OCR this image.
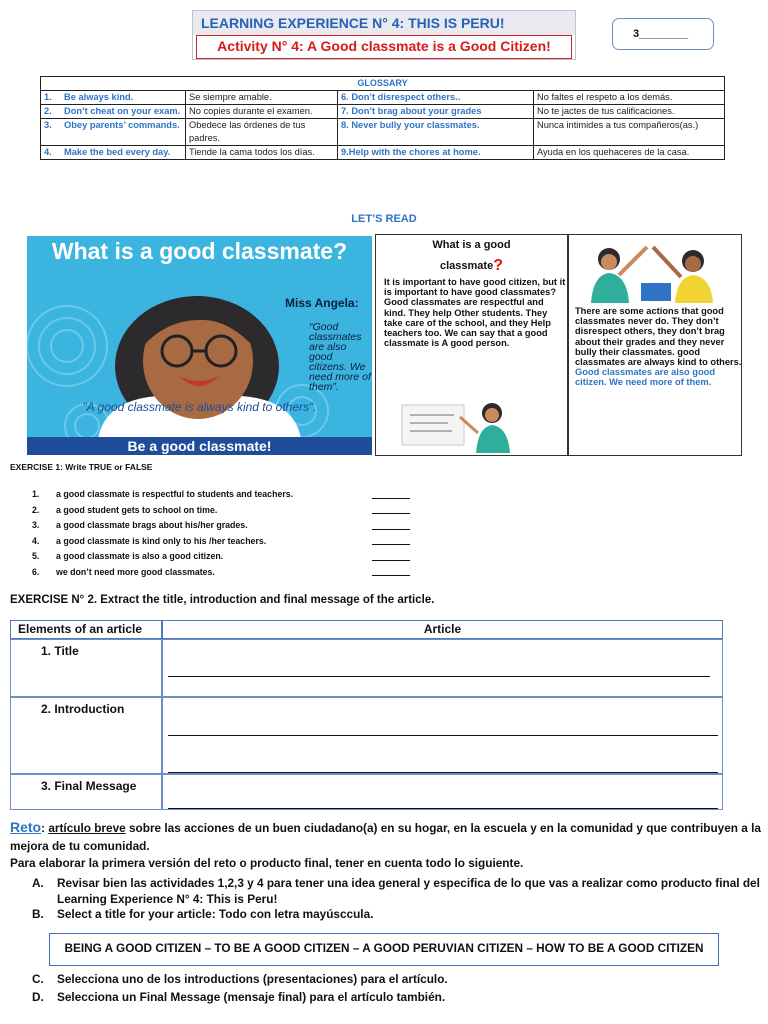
LEARNING EXPERIENCE N° 4: THIS IS PERU!
Activity N° 4: A Good classmate is a Good Citizen!
3________
GLOSSARY			
1. Be always kind.	Se siempre amable.	6. Don’t disrespect others..	No faltes el respeto a los demás.

2. Don’t cheat on your exam.	No copies durante el examen.	7. Don’t brag about your grades	No te jactes de tus calificaciones.

3. Obey parents’ commands.	Obedece las órdenes de tus padres.	8. Never bully your classmates.	Nunca intimides a tus compañeros(as.)

4. Make the bed every day.	Tiende la cama todos los días.	9.Help with the chores at home.	Ayuda en los quehaceres de la casa.
LET’S READ
What is a good classmate?
Miss Angela:
“Good classmates are also good citizens. We need more of them”.
"A good classmate is always kind to others".
Be a good classmate!
What is a good
classmate?
It is important to have good citizen, but it is important to have good classmates? Good classmates are respectful and kind. They help Other students. They take care of the school, and they Help teachers too. We can say that a good classmate is A good person.
There are some actions that good classmates never do. They don’t disrespect others, they don’t brag about their grades and they never bully their classmates. good classmates are always kind to others.
Good classmates are also good citizen. We need more of them.
EXERCISE 1: Write TRUE or FALSE
1.	a good classmate is respectful to students and teachers.
2.	a good student gets to school on time.
3.	a good classmate brags about his/her grades.
4.	a good classmate is kind only to his /her teachers.
5.	a good classmate is also a good citizen.
6.	we don’t need more good classmates.
EXERCISE N° 2. Extract the title, introduction and final message of the article.
Elements of an article	Article
1. Title
2. Introduction
3. Final Message
Reto: artículo breve sobre las acciones de un buen ciudadano(a) en su hogar, en la escuela y en la comunidad y que contribuyen a la mejora de tu comunidad.
Para elaborar la primera versión del reto o producto final, tener en cuenta todo lo siguiente.
A.	Revisar bien las actividades 1,2,3 y 4 para tener una idea general y especifica de lo que vas a realizar como producto final del Learning Experience N° 4: This is Peru!
B.	Select a title for your article: Todo con letra mayúsccula.
BEING A GOOD CITIZEN – TO BE A GOOD CITIZEN – A GOOD PERUVIAN CITIZEN – HOW TO BE A GOOD CITIZEN
C.	Selecciona uno de los introductions (presentaciones) para el artículo.
D.	Selecciona un Final Message (mensaje final) para el artículo también.
